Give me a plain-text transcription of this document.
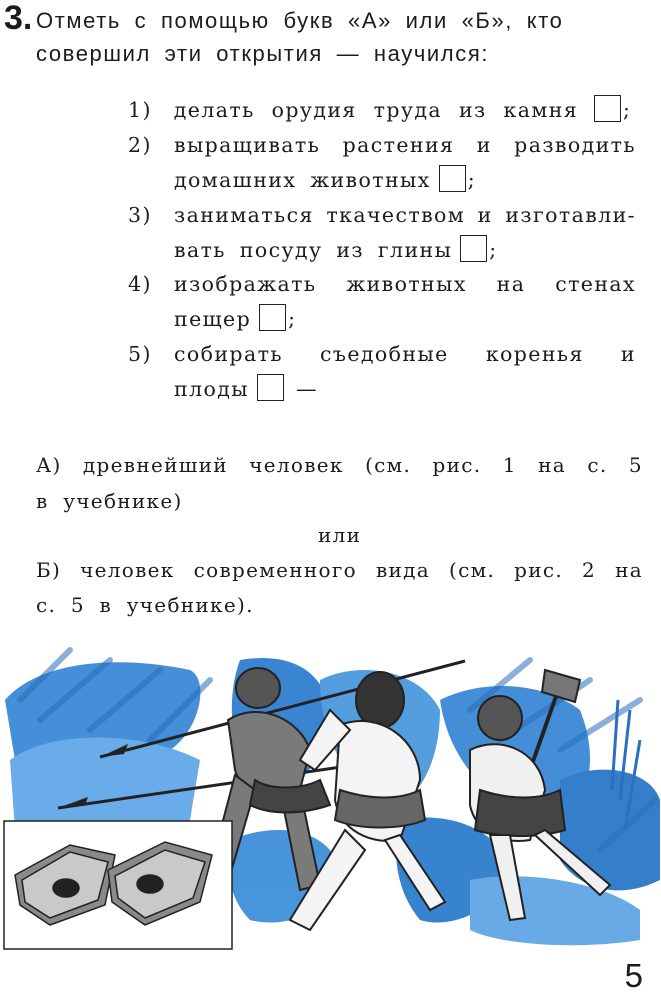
3. Отметь с помощью букв «А» или «Б», кто
совершил эти открытия — научился:
1) делать орудия труда из камня ;
2)	выращивать растения и разводить
домашних животных ;
3) заниматься ткачеством и изготавли-
вать посуду из глины ;
4) изображать животных на стенах
пещер ;
5) собирать съедобные коренья и
плоды —
А) древнейший человек (см. рис. 1 на с. 5
в учебнике)
или
Б) человек современного вида (см. рис. 2 на
с. 5 в учебнике).
5
